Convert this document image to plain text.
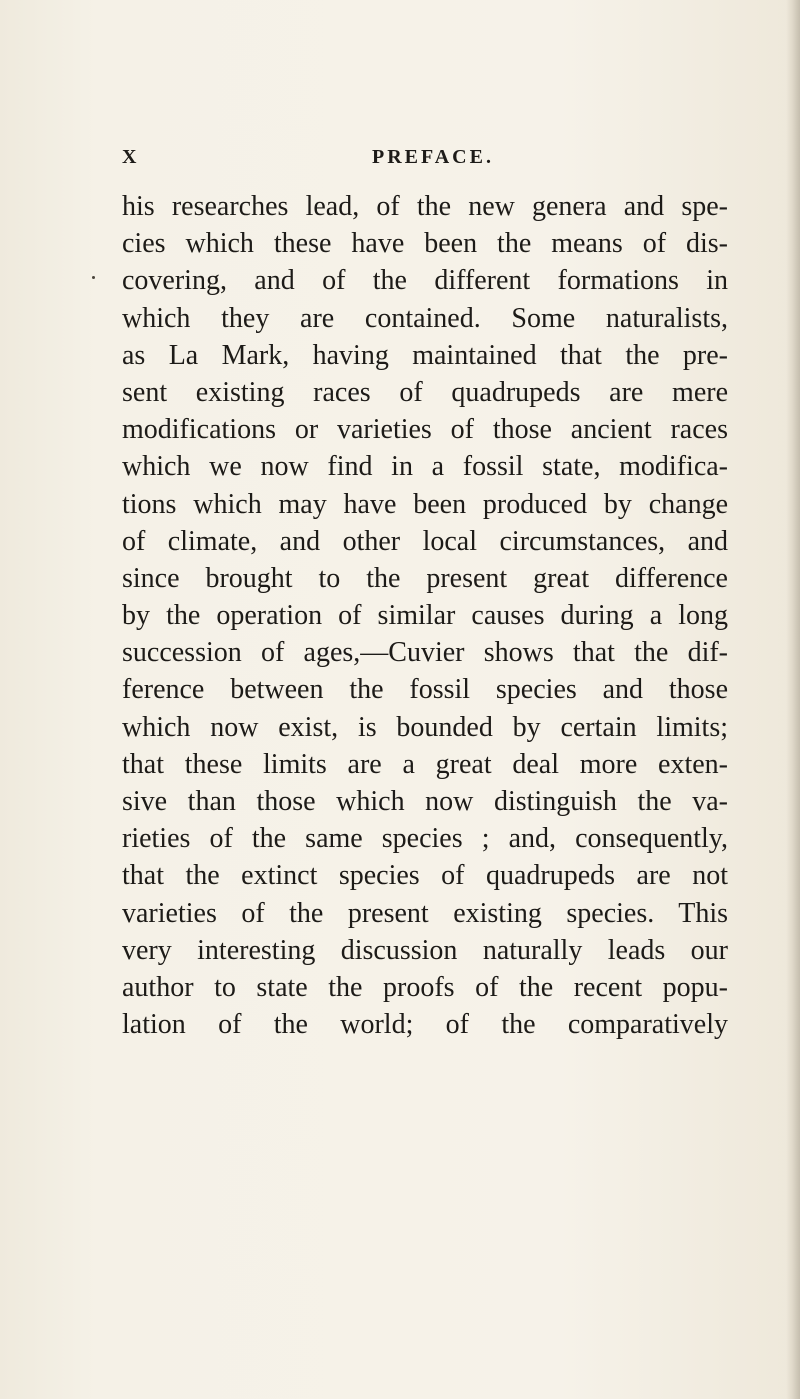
X	PREFACE.
his researches lead, of the new genera and spe-
cies which these have been the means of dis-
covering, and of the different formations in
which they are contained. Some naturalists,
as La Mark, having maintained that the pre-
sent existing races of quadrupeds are mere
modifications or varieties of those ancient races
which we now find in a fossil state, modifica-
tions which may have been produced by change
of climate, and other local circumstances, and
since brought to the present great difference
by the operation of similar causes during a long
succession of ages,—Cuvier shows that the dif-
ference between the fossil species and those
which now exist, is bounded by certain limits;
that these limits are a great deal more exten-
sive than those which now distinguish the va-
rieties of the same species ; and, consequently,
that the extinct species of quadrupeds are not
varieties of the present existing species. This
very interesting discussion naturally leads our
author to state the proofs of the recent popu-
lation of the world; of the comparatively
